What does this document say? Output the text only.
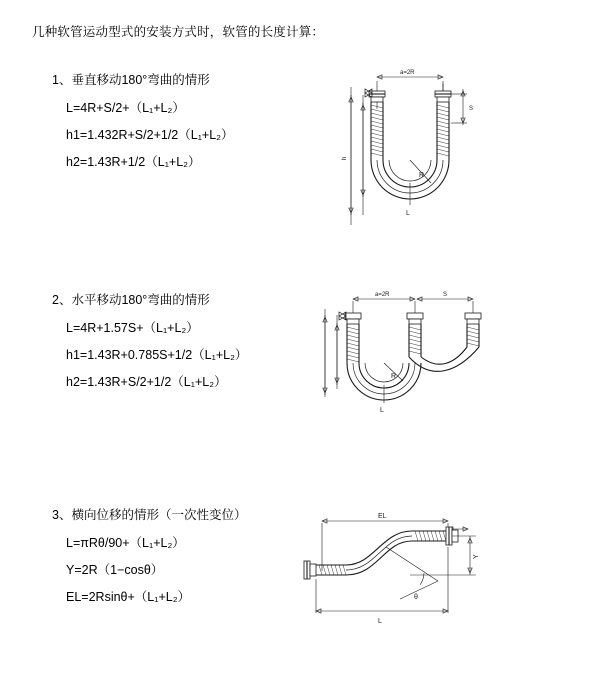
几种软管运动型式的安装方式时，软管的长度计算：
1、垂直移动180°弯曲的情形
L=4R+S/2+（L₁+L₂）
h1=1.432R+S/2+1/2（L₁+L₂）
h2=1.43R+1/2（L₁+L₂）
a=2R
R
L
h
S
2、水平移动180°弯曲的情形
L=4R+1.57S+（L₁+L₂）
h1=1.43R+0.785S+1/2（L₁+L₂）
h2=1.43R+S/2+1/2（L₁+L₂）
a=2R	S
R
L
3、横向位移的情形（一次性变位）
L=πRθ/90+（L₁+L₂）
Y=2R（1−cosθ）
EL=2Rsinθ+（L₁+L₂）
EL
Y
θ
L
